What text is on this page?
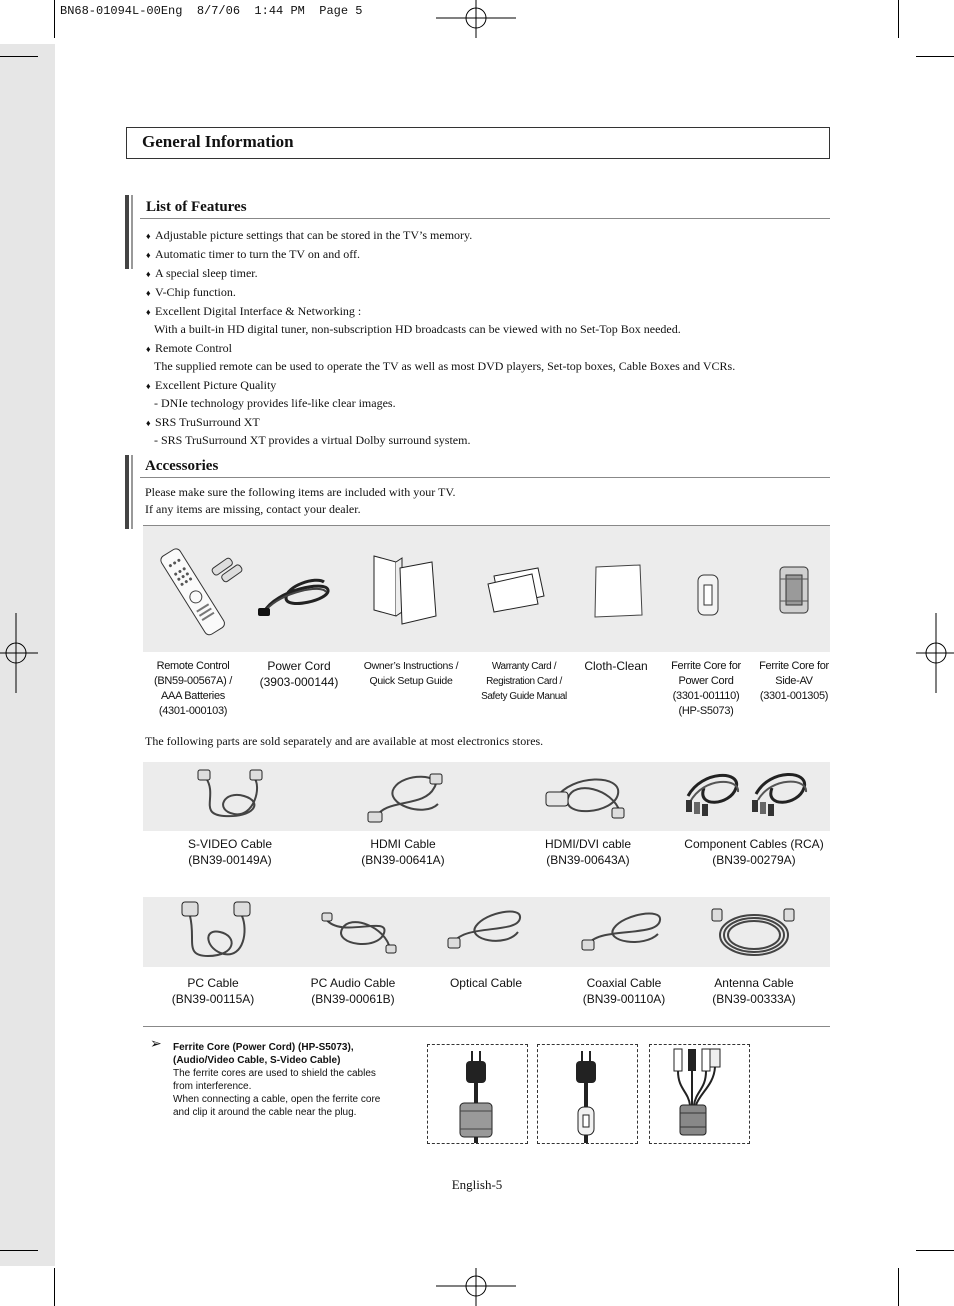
BN68-01094L-00Eng  8/7/06  1:44 PM  Page 5
General Information
List of Features
♦ Adjustable picture settings that can be stored in the TV’s memory.
♦ Automatic timer to turn the TV on and off.
♦ A special sleep timer.
♦ V-Chip function.
♦ Excellent Digital Interface & Networking :
With a built-in HD digital tuner, non-subscription HD broadcasts can be viewed with no Set-Top Box needed.
♦ Remote Control
The supplied remote can be used to operate the TV as well as most DVD players, Set-top boxes, Cable Boxes and VCRs.
♦ Excellent Picture Quality
- DNIe technology provides life-like clear images.
♦ SRS TruSurround XT
- SRS TruSurround XT provides a virtual Dolby surround system.
Accessories
Please make sure the following items are included with your TV.
If any items are missing, contact your dealer.
Remote Control
(BN59-00567A) /
AAA Batteries
(4301-000103)
Power Cord
(3903-000144)
Owner’s Instructions /
Quick Setup Guide
Warranty Card /
Registration Card /
Safety Guide Manual
Cloth-Clean	Ferrite Core for
Power Cord
(3301-001110)
(HP-S5073)
Ferrite Core for
Side-AV
(3301-001305)
The following parts are sold separately and are available at most electronics stores.
S-VIDEO Cable
(BN39-00149A)
HDMI Cable
(BN39-00641A)
HDMI/DVI cable
(BN39-00643A)
Component Cables (RCA)
(BN39-00279A)
PC Cable
(BN39-00115A)
PC Audio Cable
(BN39-00061B)
Optical Cable	Coaxial Cable
(BN39-00110A)
Antenna Cable
(BN39-00333A)
➢ Ferrite Core (Power Cord) (HP-S5073),
(Audio/Video Cable, S-Video Cable)
The ferrite cores are used to shield the cables
from interference.
When connecting a cable, open the ferrite core
and clip it around the cable near the plug.
English-5
